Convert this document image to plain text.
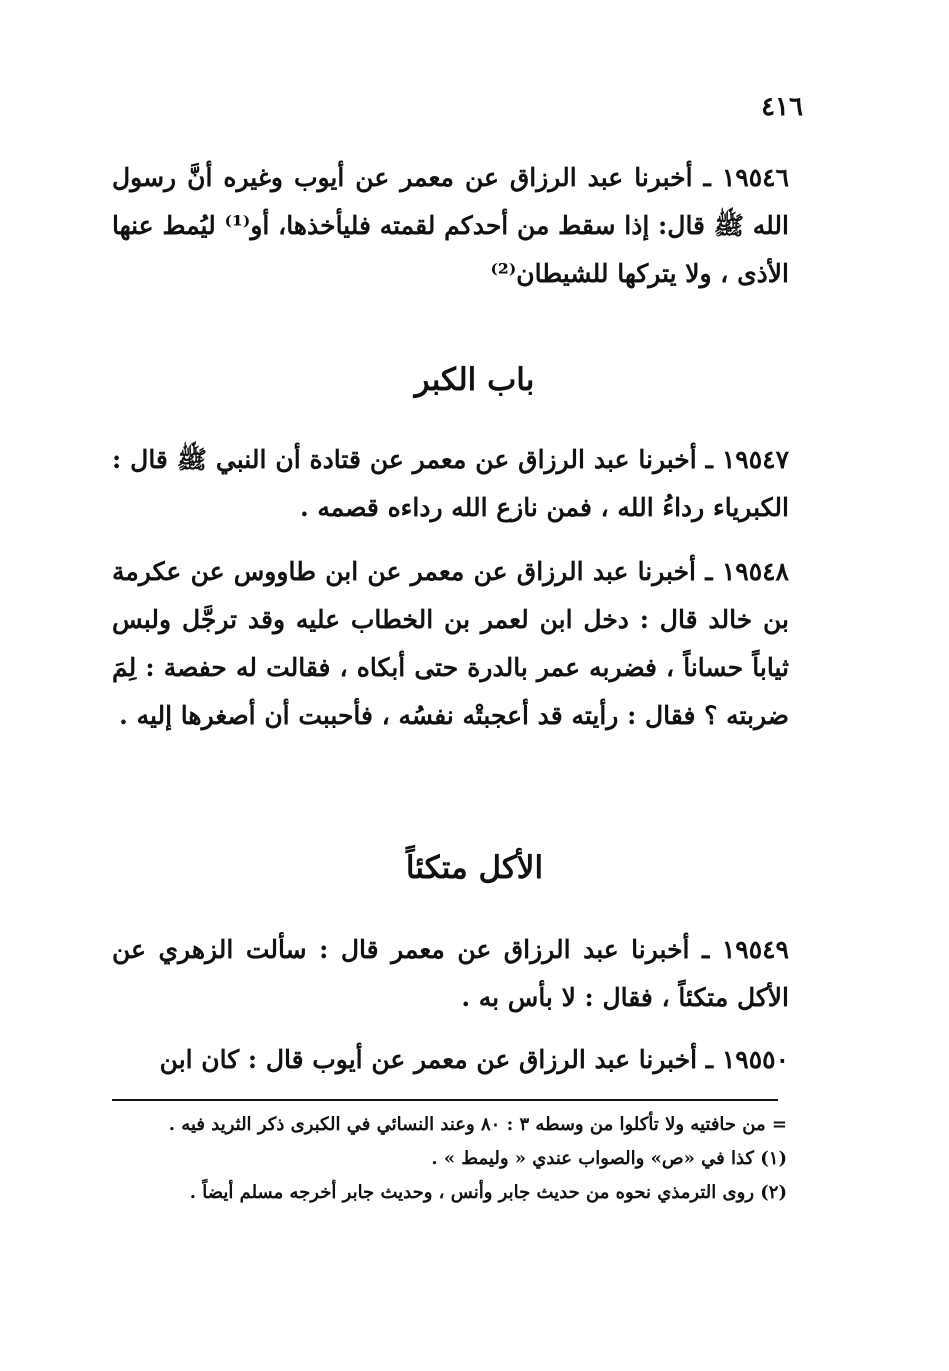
٤١٦
١٩٥٤٦ ـ أخبرنا عبد الرزاق عن معمر عن أيوب وغيره أنَّ رسول الله ﷺ قال: إذا سقط من أحدكم لقمته فليأخذها، أو⁽¹⁾ ليُمط عنها الأذى ، ولا يتركها للشيطان⁽²⁾
باب الكبر
١٩٥٤٧ ـ أخبرنا عبد الرزاق عن معمر عن قتادة أن النبي ﷺ قال : الكبرياء رداءُ الله ، فمن نازع الله رداءه قصمه .
١٩٥٤٨ ـ أخبرنا عبد الرزاق عن معمر عن ابن طاووس عن عكرمة بن خالد قال : دخل ابن لعمر بن الخطاب عليه وقد ترجَّل ولبس ثياباً حساناً ، فضربه عمر بالدرة حتى أبكاه ، فقالت له حفصة : لِمَ ضربته ؟ فقال : رأيته قد أعجبتْه نفسُه ، فأحببت أن أصغرها إليه .
الأكل متكئاً
١٩٥٤٩ ـ أخبرنا عبد الرزاق عن معمر قال : سألت الزهري عن الأكل متكئاً ، فقال : لا بأس به .
١٩٥٥٠ ـ أخبرنا عبد الرزاق عن معمر عن أيوب قال : كان ابن
= من حافتيه ولا تأكلوا من وسطه ٣ : ٨٠ وعند النسائي في الكبرى ذكر الثريد فيه .
(١) كذا في «ص» والصواب عندي « وليمط » .
(٢) روى الترمذي نحوه من حديث جابر وأنس ، وحديث جابر أخرجه مسلم أيضاً .
